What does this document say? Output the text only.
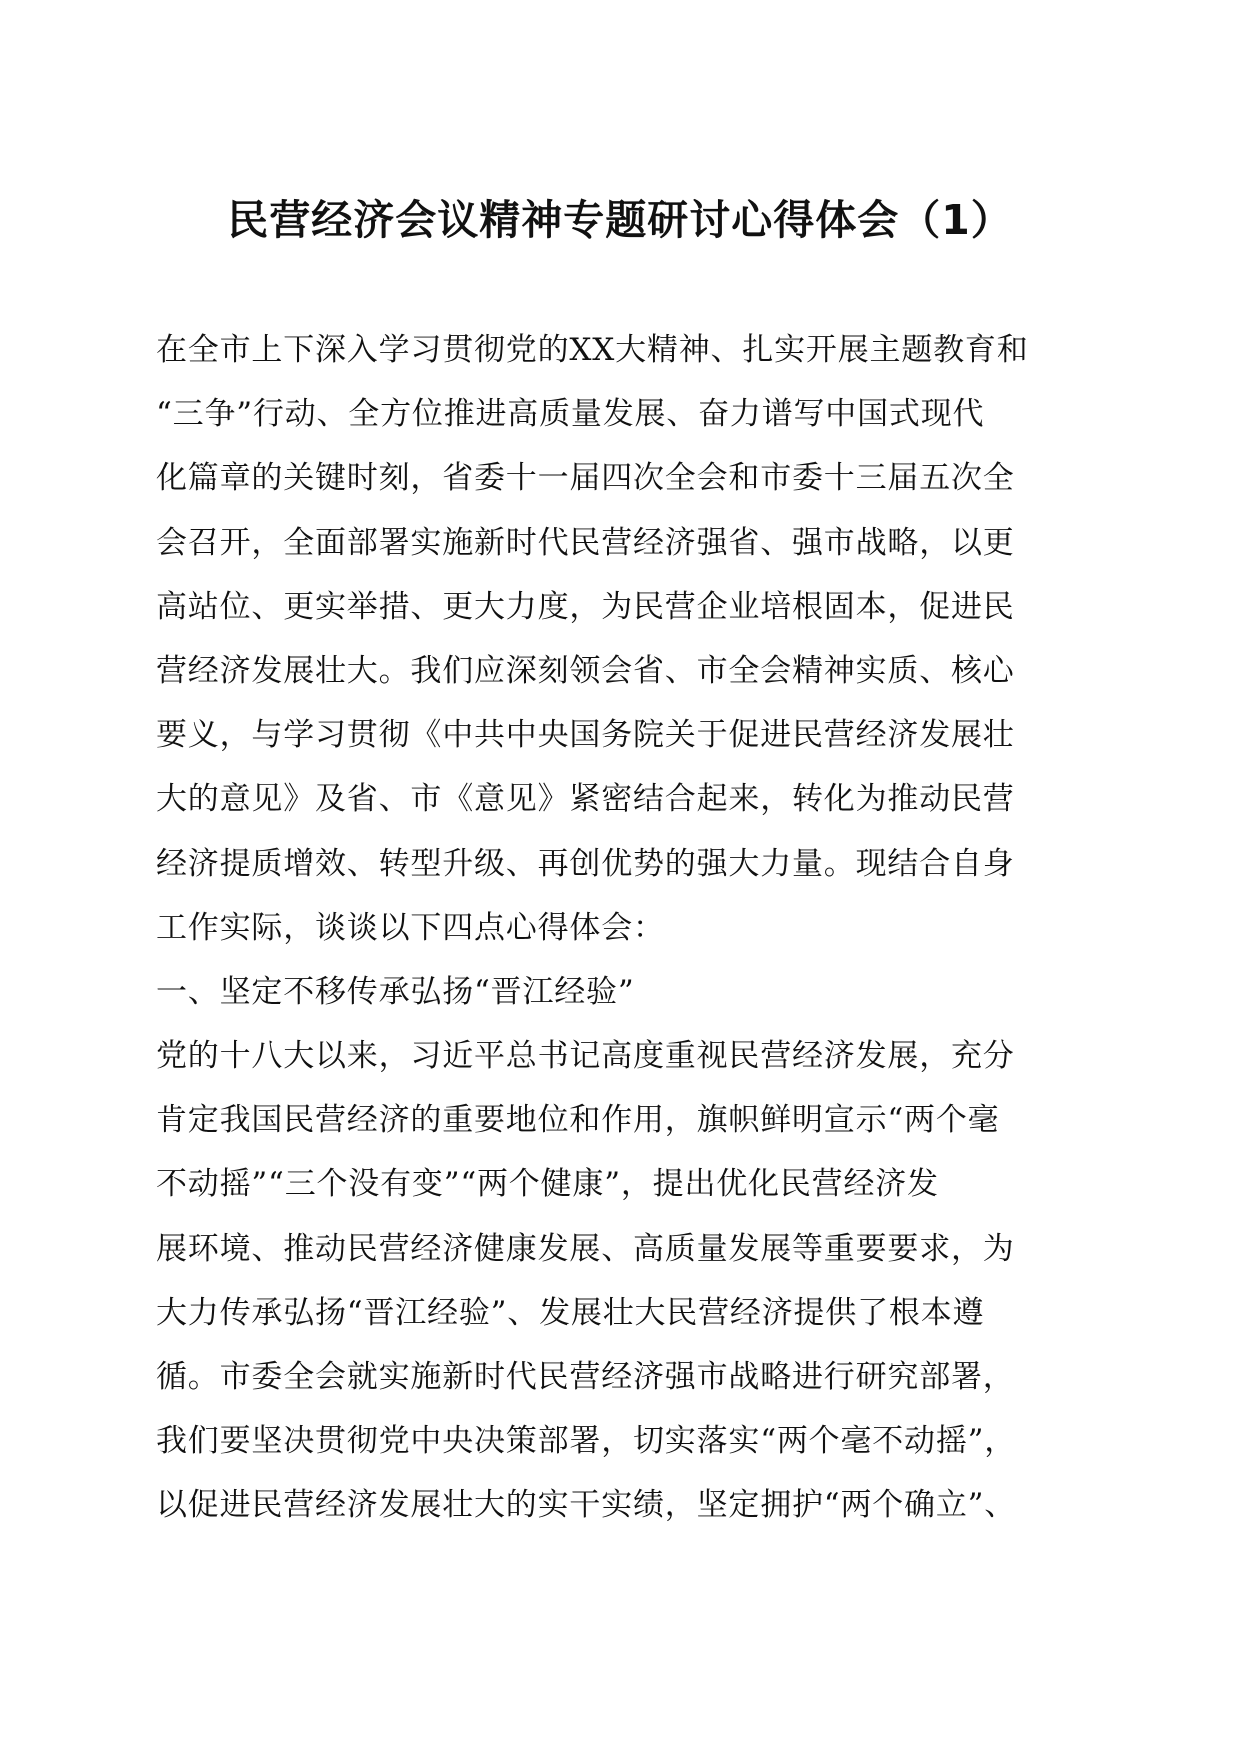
民营经济会议精神专题研讨心得体会（1）
在全市上下深入学习贯彻党的XX大精神、扎实开展主题教育和
“三争”行动、全方位推进高质量发展、奋力谱写中国式现代
化篇章的关键时刻，省委十一届四次全会和市委十三届五次全
会召开，全面部署实施新时代民营经济强省、强市战略，以更
高站位、更实举措、更大力度，为民营企业培根固本，促进民
营经济发展壮大。我们应深刻领会省、市全会精神实质、核心
要义，与学习贯彻《中共中央国务院关于促进民营经济发展壮
大的意见》及省、市《意见》紧密结合起来，转化为推动民营
经济提质增效、转型升级、再创优势的强大力量。现结合自身
工作实际，谈谈以下四点心得体会：
一、坚定不移传承弘扬“晋江经验”
党的十八大以来，习近平总书记高度重视民营经济发展，充分
肯定我国民营经济的重要地位和作用，旗帜鲜明宣示“两个毫
不动摇”“三个没有变”“两个健康”，提出优化民营经济发
展环境、推动民营经济健康发展、高质量发展等重要要求，为
大力传承弘扬“晋江经验”、发展壮大民营经济提供了根本遵
循。市委全会就实施新时代民营经济强市战略进行研究部署，
我们要坚决贯彻党中央决策部署，切实落实“两个毫不动摇”，
以促进民营经济发展壮大的实干实绩，坚定拥护“两个确立”、
